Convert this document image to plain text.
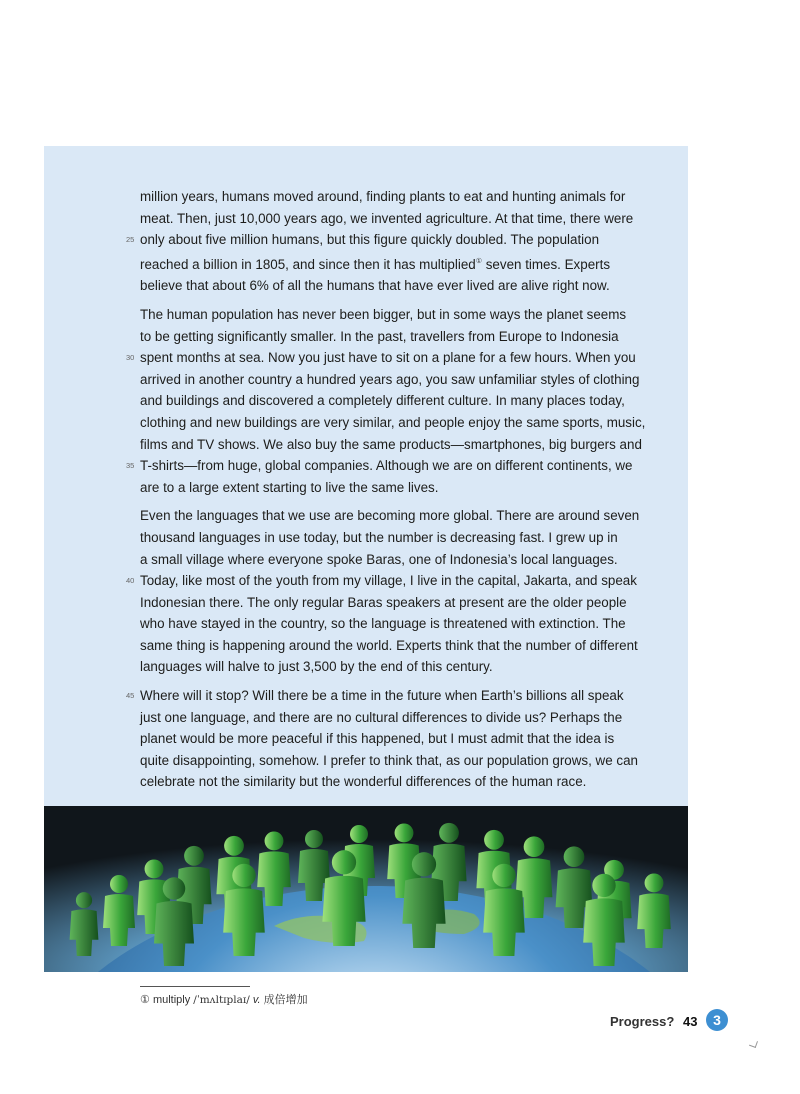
million years, humans moved around, finding plants to eat and hunting animals for
meat. Then, just 10,000 years ago, we invented agriculture. At that time, there were
25 only about five million humans, but this figure quickly doubled. The population
reached a billion in 1805, and since then it has multiplied① seven times. Experts
believe that about 6% of all the humans that have ever lived are alive right now.

The human population has never been bigger, but in some ways the planet seems
to be getting significantly smaller. In the past, travellers from Europe to Indonesia
30 spent months at sea. Now you just have to sit on a plane for a few hours. When you
arrived in another country a hundred years ago, you saw unfamiliar styles of clothing
and buildings and discovered a completely different culture. In many places today,
clothing and new buildings are very similar, and people enjoy the same sports, music,
films and TV shows. We also buy the same products—smartphones, big burgers and
35 T-shirts—from huge, global companies. Although we are on different continents, we
are to a large extent starting to live the same lives.

Even the languages that we use are becoming more global. There are around seven
thousand languages in use today, but the number is decreasing fast. I grew up in
a small village where everyone spoke Baras, one of Indonesia’s local languages.
40 Today, like most of the youth from my village, I live in the capital, Jakarta, and speak
Indonesian there. The only regular Baras speakers at present are the older people
who have stayed in the country, so the language is threatened with extinction. The
same thing is happening around the world. Experts think that the number of different
languages will halve to just 3,500 by the end of this century.

45 Where will it stop? Will there be a time in the future when Earth’s billions all speak
just one language, and there are no cultural differences to divide us? Perhaps the
planet would be more peaceful if this happened, but I must admit that the idea is
quite disappointing, somehow. I prefer to think that, as our population grows, we can
celebrate not the similarity but the wonderful differences of the human race.

① multiply /ˈmʌltɪplaɪ/ v. 成倍增加
Progress? 43	3
